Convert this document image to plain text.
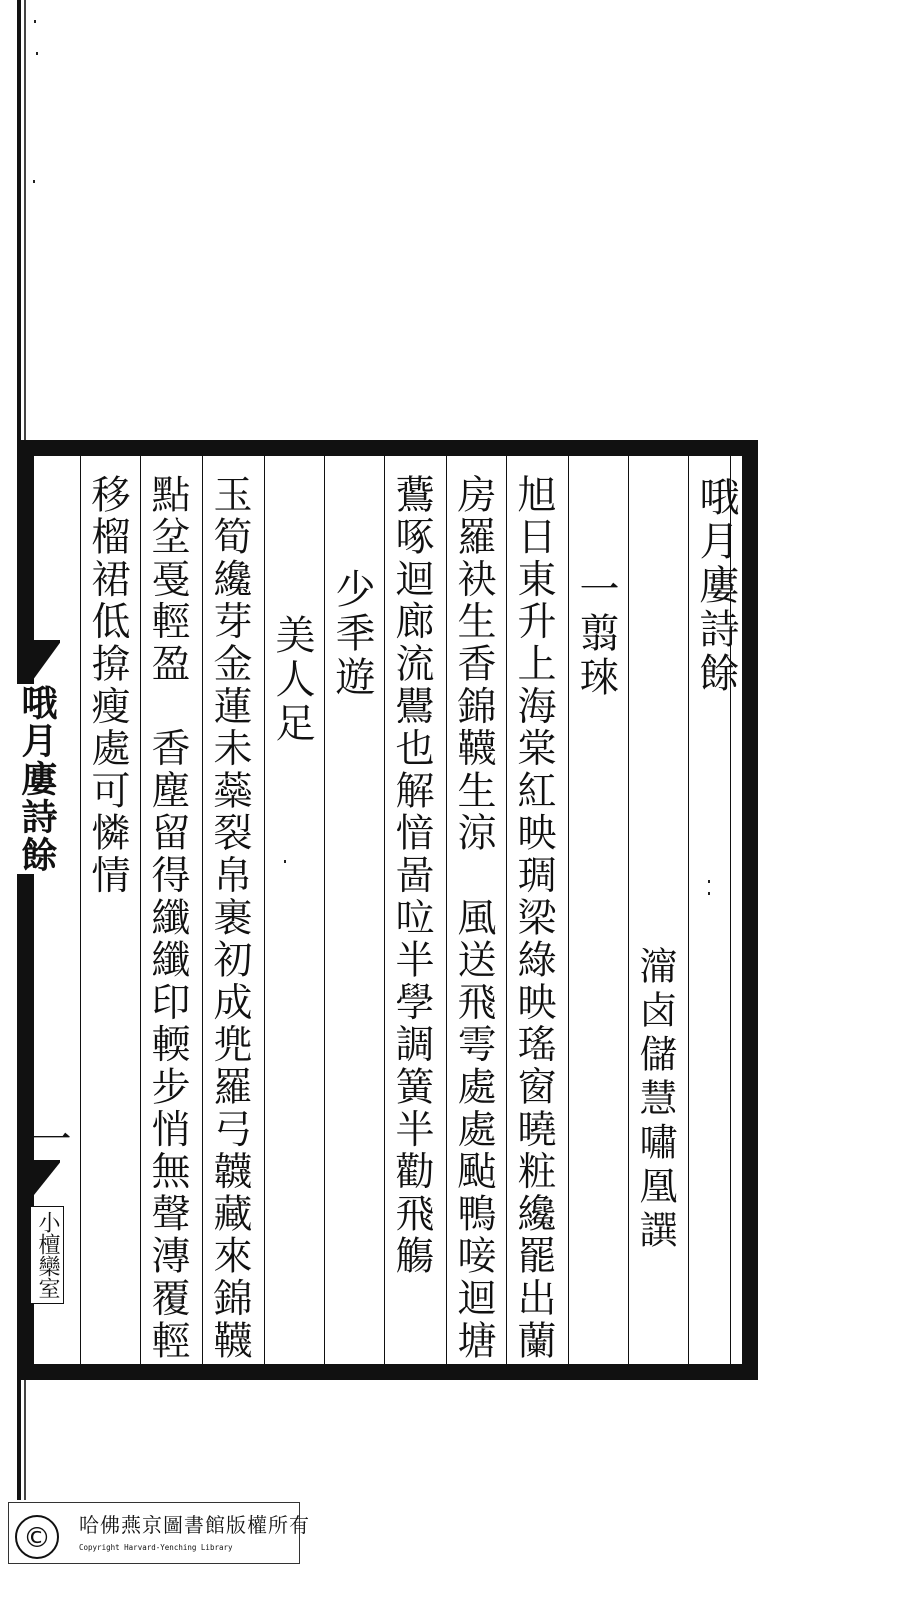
哦月廔詩餘
澝卤儲慧嘯凰譔
一翦琜
旭日東升上海棠紅映琱梁綠映瑤窗曉粧纔罷出蘭
房羅袂生香錦韈生涼　風送飛雩處處颭鴨唼迴塘
鷰啄迴廊流鷪也解愔啚㕸半學調簧半勸飛觴
少秊遊
美人足
玉筍纔芽金蓮未蘂裂帛裹初成兠羅弓韤藏來錦韈
點坌戞輕盈　香塵留得纖纖印輭步悄無聲漙覆輕
移榴裙低揜瘦處可憐情
哦月廔詩餘
一
小檀欒室
©	哈佛燕京圖書館版權所有
Copyright Harvard-Yenching Library
